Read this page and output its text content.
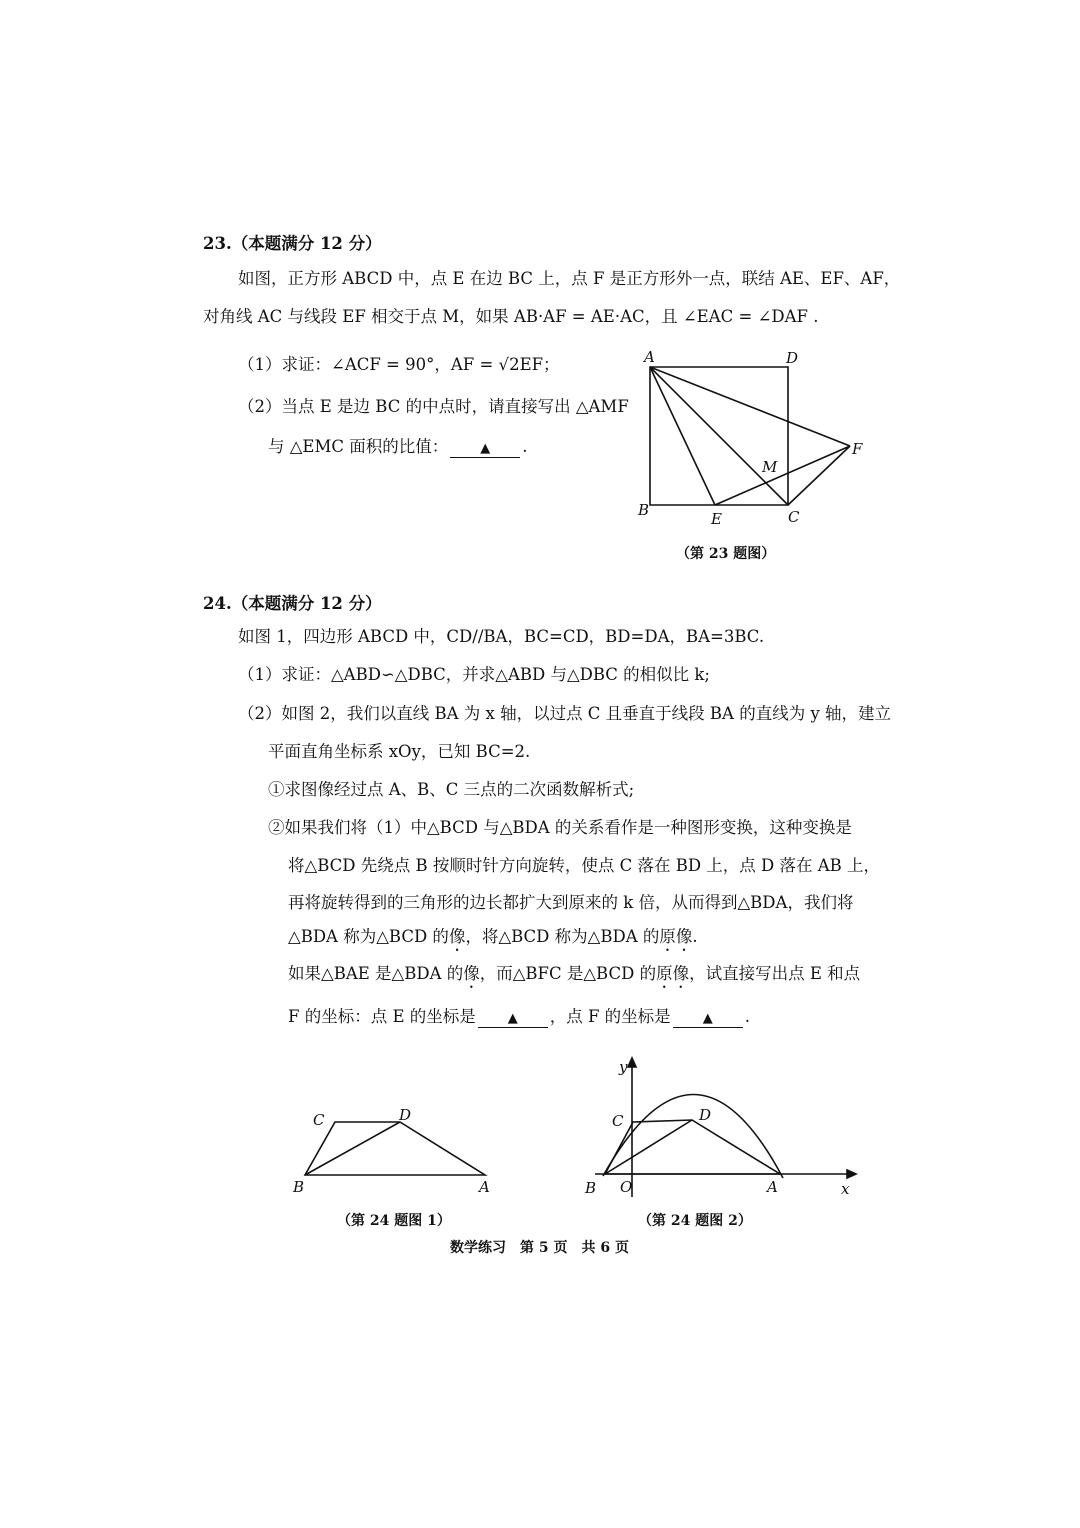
23.（本题满分 12 分）
如图，正方形 ABCD 中，点 E 在边 BC 上，点 F 是正方形外一点，联结 AE、EF、AF，
对角线 AC 与线段 EF 相交于点 M，如果 AB·AF = AE·AC，且 ∠EAC = ∠DAF .
（1）求证：∠ACF = 90°，AF = √2EF；
（2）当点 E 是边 BC 的中点时，请直接写出 △AMF
与 △EMC 面积的比值： ▲ .
A	D
B	E	C
F
M
（第 23 题图）
24.（本题满分 12 分）
如图 1，四边形 ABCD 中，CD//BA，BC=CD，BD=DA，BA=3BC.
（1）求证：△ABD∽△DBC，并求△ABD 与△DBC 的相似比 k;
（2）如图 2，我们以直线 BA 为 x 轴，以过点 C 且垂直于线段 BA 的直线为 y 轴，建立
平面直角坐标系 xOy，已知 BC=2.
①求图像经过点 A、B、C 三点的二次函数解析式;
②如果我们将（1）中△BCD 与△BDA 的关系看作是一种图形变换，这种变换是
将△BCD 先绕点 B 按顺时针方向旋转，使点 C 落在 BD 上，点 D 落在 AB 上，
再将旋转得到的三角形的边长都扩大到原来的 k 倍，从而得到△BDA，我们将
△BDA 称为△BCD 的像，将△BCD 称为△BDA 的原像.
如果△BAE 是△BDA 的像，而△BFC 是△BCD 的原像，试直接写出点 E 和点
F 的坐标：点 E 的坐标是 ▲ ，点 F 的坐标是 ▲ .
B
C	D
A
（第 24 题图 1）
y
C	D
B O	A	x
（第 24 题图 2）
数学练习　第 5 页　共 6 页
